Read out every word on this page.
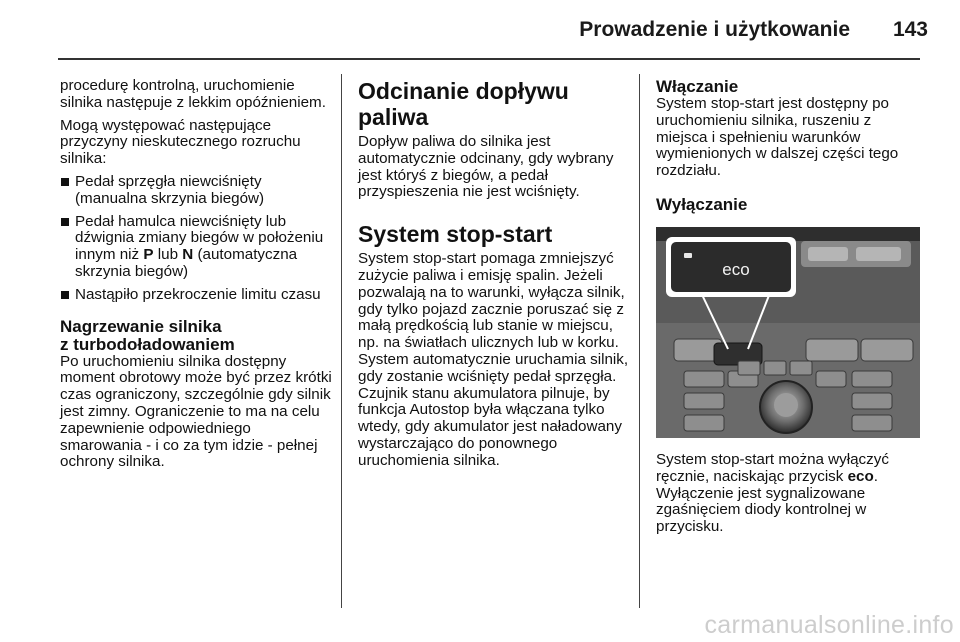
Prowadzenie i użytkowanie	143

procedurę kontrolną, uruchomienie silnika następuje z lekkim opóźnieniem.

Mogą występować następujące przyczyny nieskutecznego rozruchu silnika:

Pedał sprzęgła niewciśnięty (manualna skrzynia biegów)
Pedał hamulca niewciśnięty lub dźwignia zmiany biegów w położeniu innym niż P lub N (automatyczna skrzynia biegów)
Nastąpiło przekroczenie limitu czasu
Nagrzewanie silnika
z turbodoładowaniem

Po uruchomieniu silnika dostępny moment obrotowy może być przez krótki czas ograniczony, szczególnie gdy silnik jest zimny. Ograniczenie to ma na celu zapewnienie odpowiedniego smarowania - i co za tym idzie - pełnej ochrony silnika.

Odcinanie dopływu paliwa

Dopływ paliwa do silnika jest automatycznie odcinany, gdy wybrany jest któryś z biegów, a pedał przyspieszenia nie jest wciśnięty.

System stop-start

System stop-start pomaga zmniejszyć zużycie paliwa i emisję spalin. Jeżeli pozwalają na to warunki, wyłącza silnik, gdy tylko pojazd zacznie poruszać się z małą prędkością lub stanie w miejscu, np. na światłach ulicznych lub w korku. System automatycznie uruchamia silnik, gdy zostanie wciśnięty pedał sprzęgła. Czujnik stanu akumulatora pilnuje, by funkcja Autostop była włączana tylko wtedy, gdy akumulator jest naładowany wystarczająco do ponownego uruchomienia silnika.

Włączanie

System stop-start jest dostępny po uruchomieniu silnika, ruszeniu z miejsca i spełnieniu warunków wymienionych w dalszej części tego rozdziału.

Wyłączanie
eco

System stop-start można wyłączyć ręcznie, naciskając przycisk eco. Wyłączenie jest sygnalizowane zgaśnięciem diody kontrolnej w przycisku.

carmanualsonline.info
